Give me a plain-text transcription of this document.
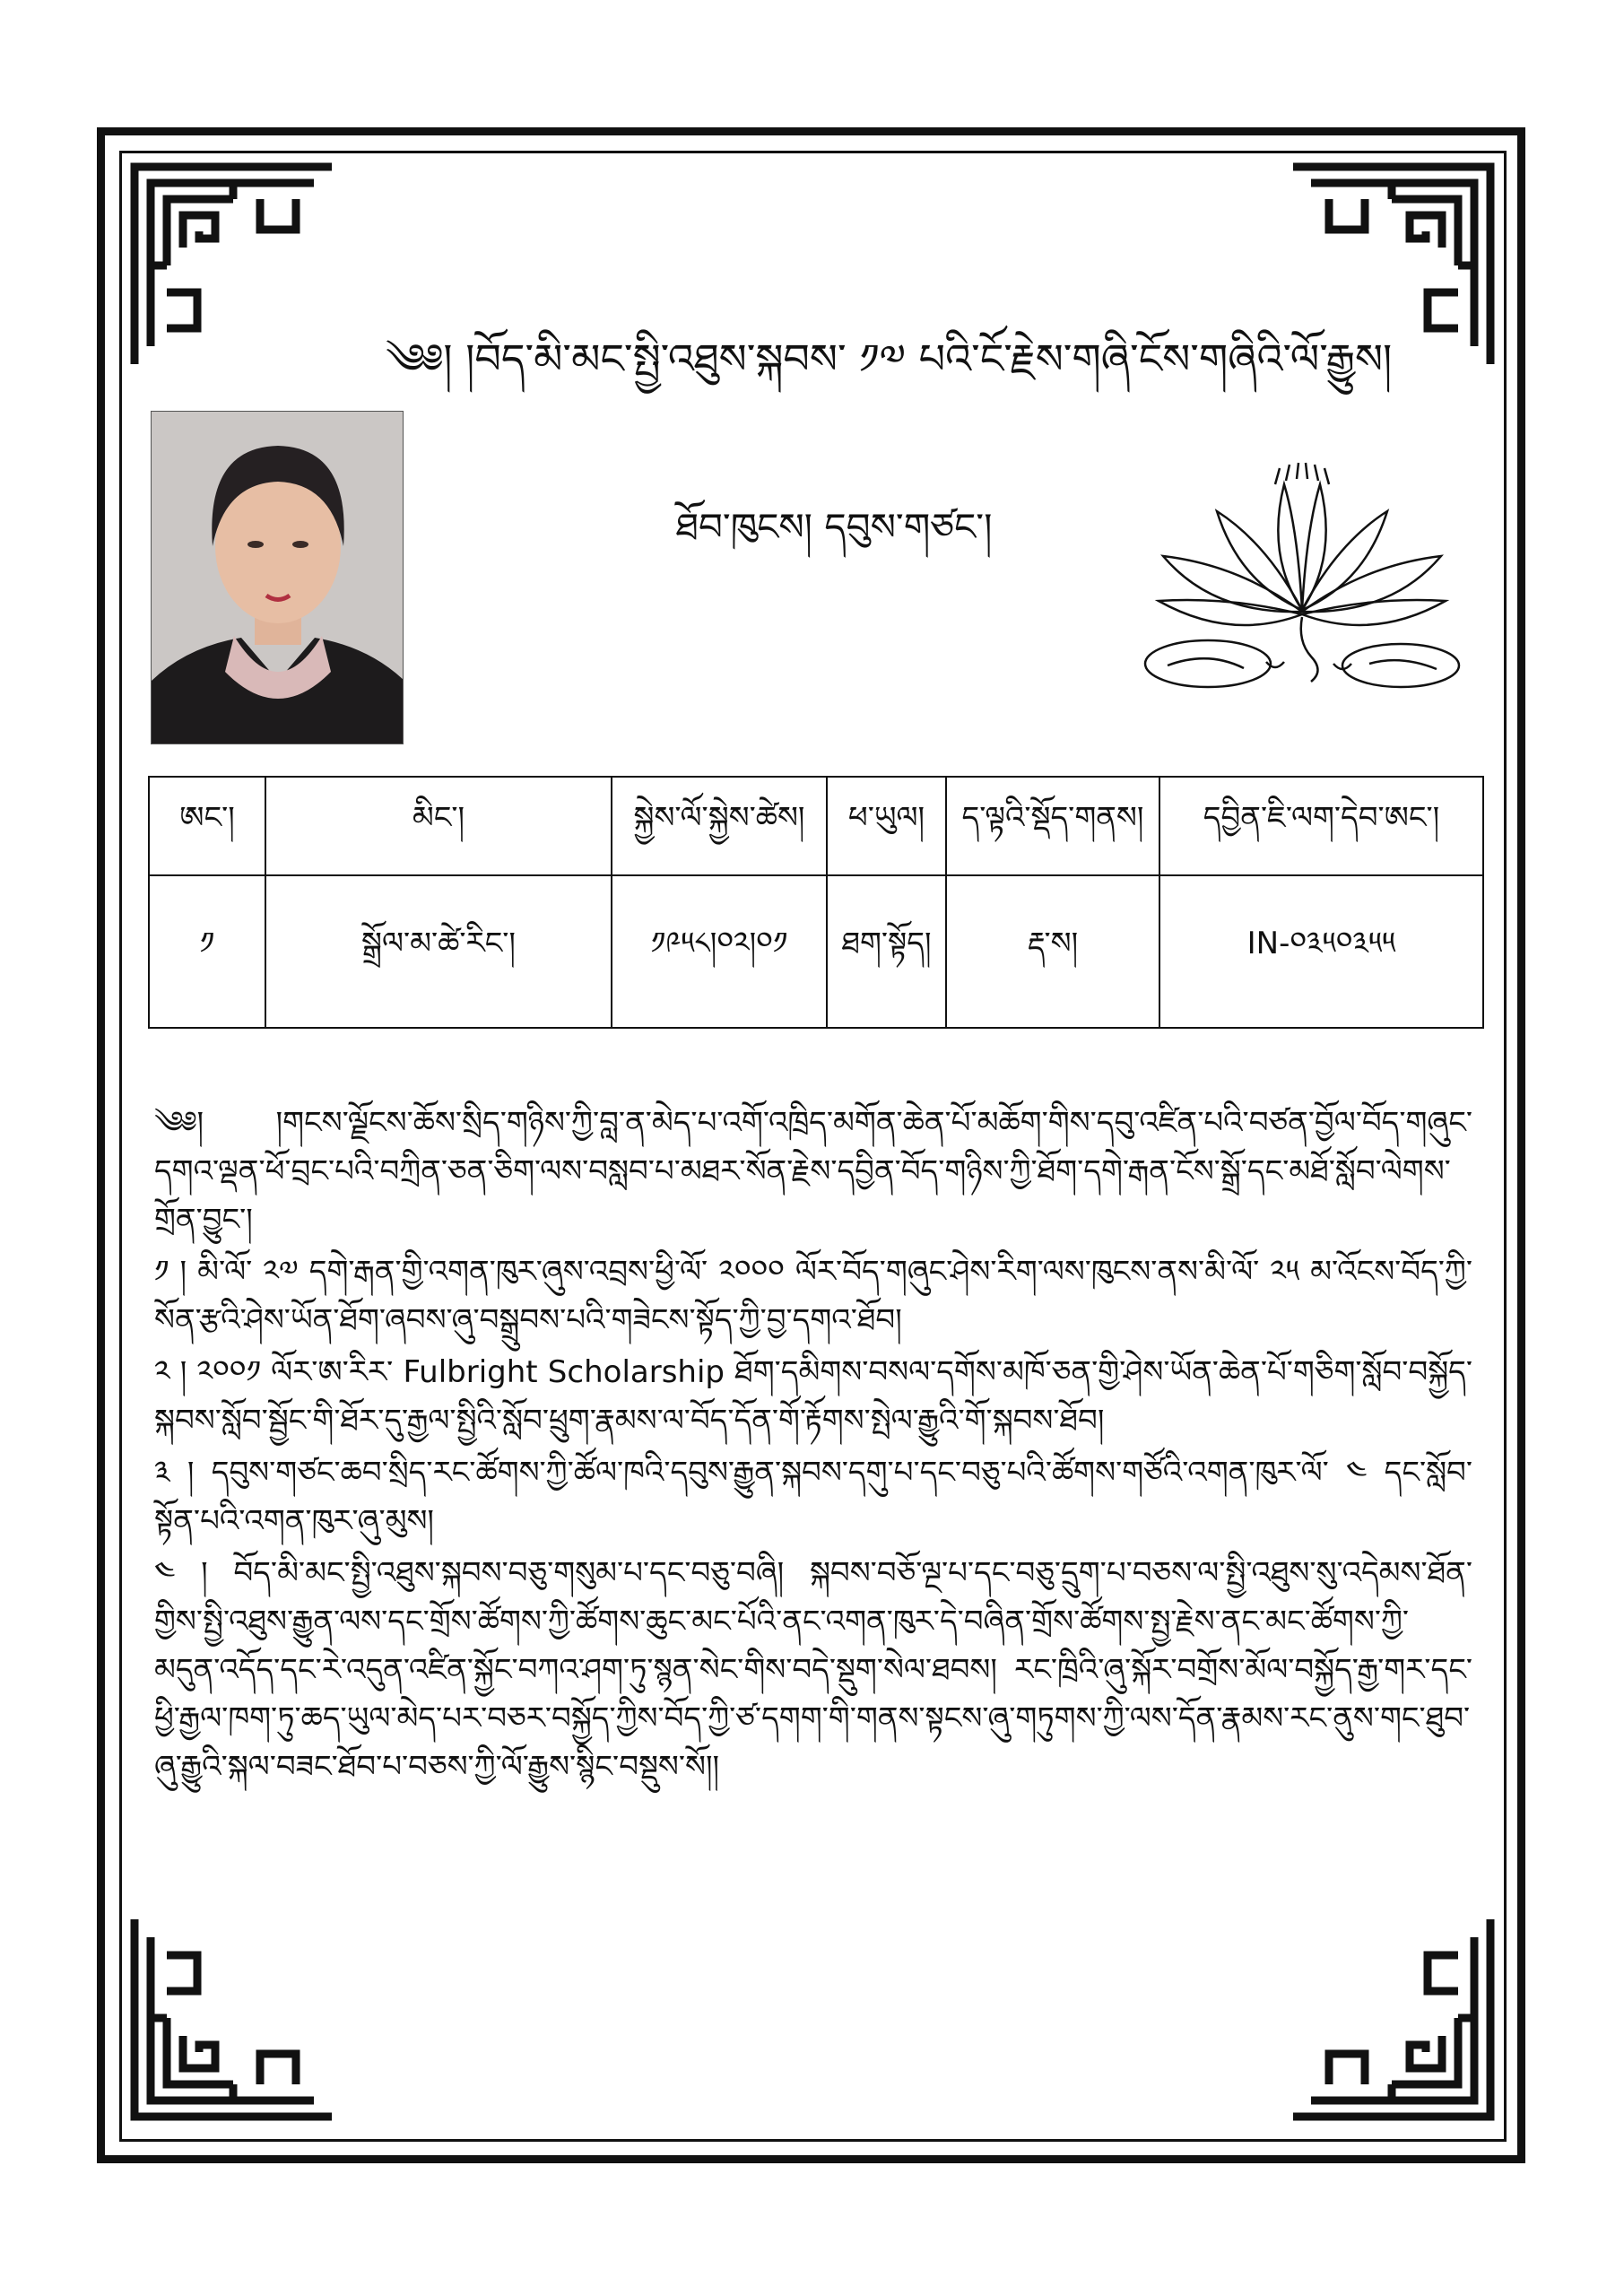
༄༅། །བོད་མི་མང་སྤྱི་འཐུས་སྐབས་ ༡༧ པའི་ངོ་རྗེས་གཞི་ངོས་གཞིའི་ལོ་རྒྱུས།
ཐོབ་ཁུངས། དབུས་གཙང་།
ཨང་།	མིང་།	སྐྱེས་ལོ་སྐྱེས་ཚེས།	ཕ་ཡུལ།	ད་ལྟའི་སྡོད་གནས།	དབྱིན་ཇི་ལག་དེབ་ཨང་།
༡	སྒྲོལ་མ་ཚེ་རིང་།	༡༩༥༨།༠༢།༠༡	ཐག་སྟོད།	རྡ་ས།	IN-༠༣༥༠༣༥༥

༄༅། །གངས་ལྗོངས་ཆོས་སྲིད་གཉིས་ཀྱི་བླ་ན་མེད་པ་འགོ་འཁྲིད་མགོན་ཆེན་པོ་མཆོག་གིས་དབུ་འཛིན་པའི་བཙན་བྱོལ་བོད་གཞུང་དགའ་ལྡན་ཕོ་བྲང་པའི་བཀྲིན་ཅན་ཅིག་ལས་བསླབ་པ་མཐར་སོན་རྗེས་དབྱིན་བོད་གཉིས་ཀྱི་ཐོག་དགེ་རྒན་ངོས་སྒྲོ་དང་མཐོ་སློབ་ལེགས་གྲོན་བྱུང་།

༡ ། མི་ལོ་ ༢༧ དགེ་རྒན་གྱི་འགན་ཁུར་ཞུས་འབྲས་ཕྱི་ལོ་ ༢༠༠༠ ལོར་བོད་གཞུང་ཤེས་རིག་ལས་ཁུངས་ནས་མི་ལོ་ ༢༥ མ་འོངས་བོད་ཀྱི་སོན་རྩའི་ཤེས་ཡོན་ཐོག་ཞབས་ཞུ་བསྒྲུབས་པའི་གཟེངས་སྟོད་ཀྱི་བྱ་དགའ་ཐོབ།

༢ ། ༢༠༠༡ ལོར་ཨ་རིར་ Fulbright Scholarship ཐོག་དམིགས་བསལ་དགོས་མཁོ་ཅན་གྱི་ཤེས་ཡོན་ཆེན་པོ་གཅིག་སློབ་བསྐྱོད་སྐབས་སློབ་སྦྱོང་གི་ཐོར་དུ་རྒྱལ་སྤྱིའི་སློབ་ཕྲུག་རྣམས་ལ་བོད་དོན་གོ་རྟོགས་སྤེལ་རྒྱུའི་གོ་སྐབས་ཐོབ།

༣ ། དབུས་གཙང་ཆབ་སྲིད་རང་ཚོགས་ཀྱི་ཚོལ་ཁའི་དབུས་རྒྱུན་སྐབས་དགུ་པ་དང་བཅུ་པའི་ཚོགས་གཙོའི་འགན་ཁུར་ལོ་ ༤ དང་སློབ་སྟོན་པའི་འགན་ཁུར་ཞུ་མུས།

༤ ། བོད་མི་མང་སྤྱི་འཐུས་སྐབས་བཅུ་གསུམ་པ་དང་བཅུ་བཞི། སྐབས་བཅོ་ལྔ་པ་དང་བཅུ་དྲུག་པ་བཅས་ལ་སྤྱི་འཐུས་སུ་འདེམས་ཐོན་གྱིས་སྤྱི་འཐུས་རྒྱུན་ལས་དང་གྲོས་ཚོགས་ཀྱི་ཚོགས་ཆུང་མང་པོའི་ནང་འགན་ཁུར་དེ་བཞིན་གྲོས་ཚོགས་སྤྱ་རྗེས་ནང་མང་ཚོགས་ཀྱི་མདུན་འདོད་དང་རེ་འདུན་འཛིན་སྐྱོང་བཀའ་ཤག་ཏུ་སྙན་སེང་གིས་བདེ་སྡུག་སེལ་ཐབས། རང་ཁྲིའི་ཞུ་སྐོར་བགྲོས་མོལ་བསྐྱོད་རྒྱ་གར་དང་ཕྱི་རྒྱལ་ཁག་ཏུ་ཆད་ཡུལ་མེད་པར་བཅར་བསྐྱོད་ཀྱིས་བོད་ཀྱི་ཙ་དགག་གི་གནས་སྟངས་ཞུ་གཏུགས་ཀྱི་ལས་དོན་རྣམས་རང་ནུས་གང་ཐུབ་ཞུ་རྒྱུའི་སྐལ་བཟང་ཐོབ་པ་བཅས་ཀྱི་ལོ་རྒྱུས་སྙིང་བསྡུས་སོ།།
